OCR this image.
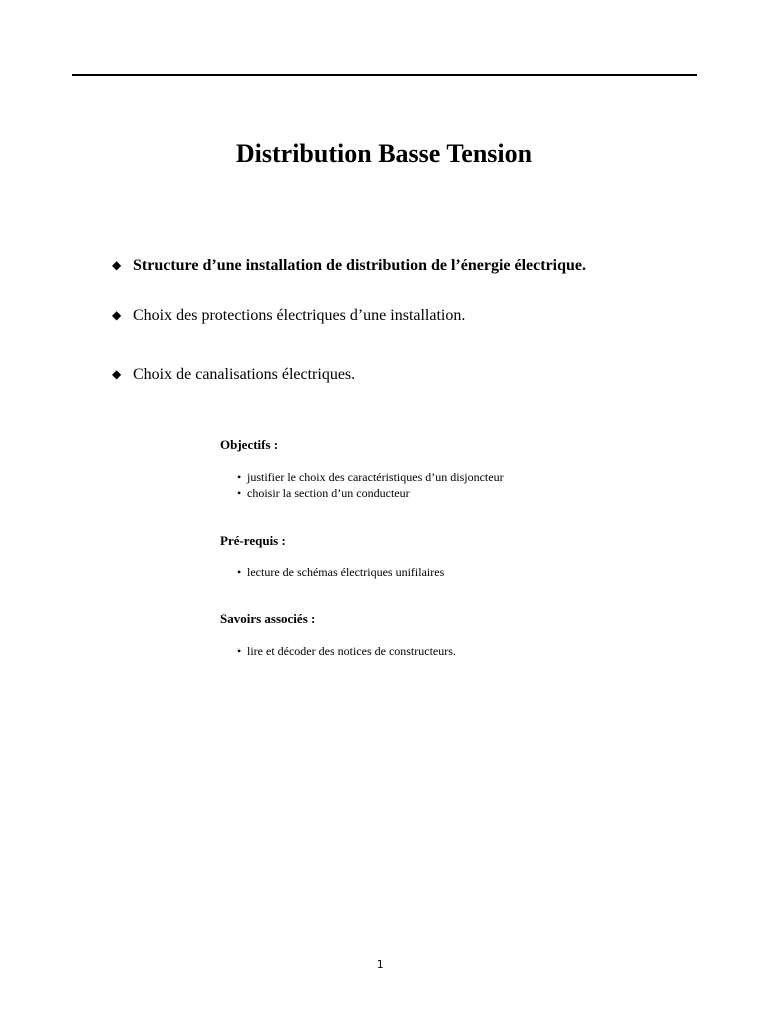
Distribution Basse Tension
◆ Structure d’une installation de distribution de l’énergie électrique.
◆ Choix des protections électriques d’une installation.
◆ Choix de canalisations électriques.

Objectifs :

• justifier le choix des caractéristiques d’un disjoncteur
• choisir la section d’un conducteur

Pré-requis :

• lecture de schémas électriques unifilaires

Savoirs associés :

• lire et décoder des notices de constructeurs.
1
